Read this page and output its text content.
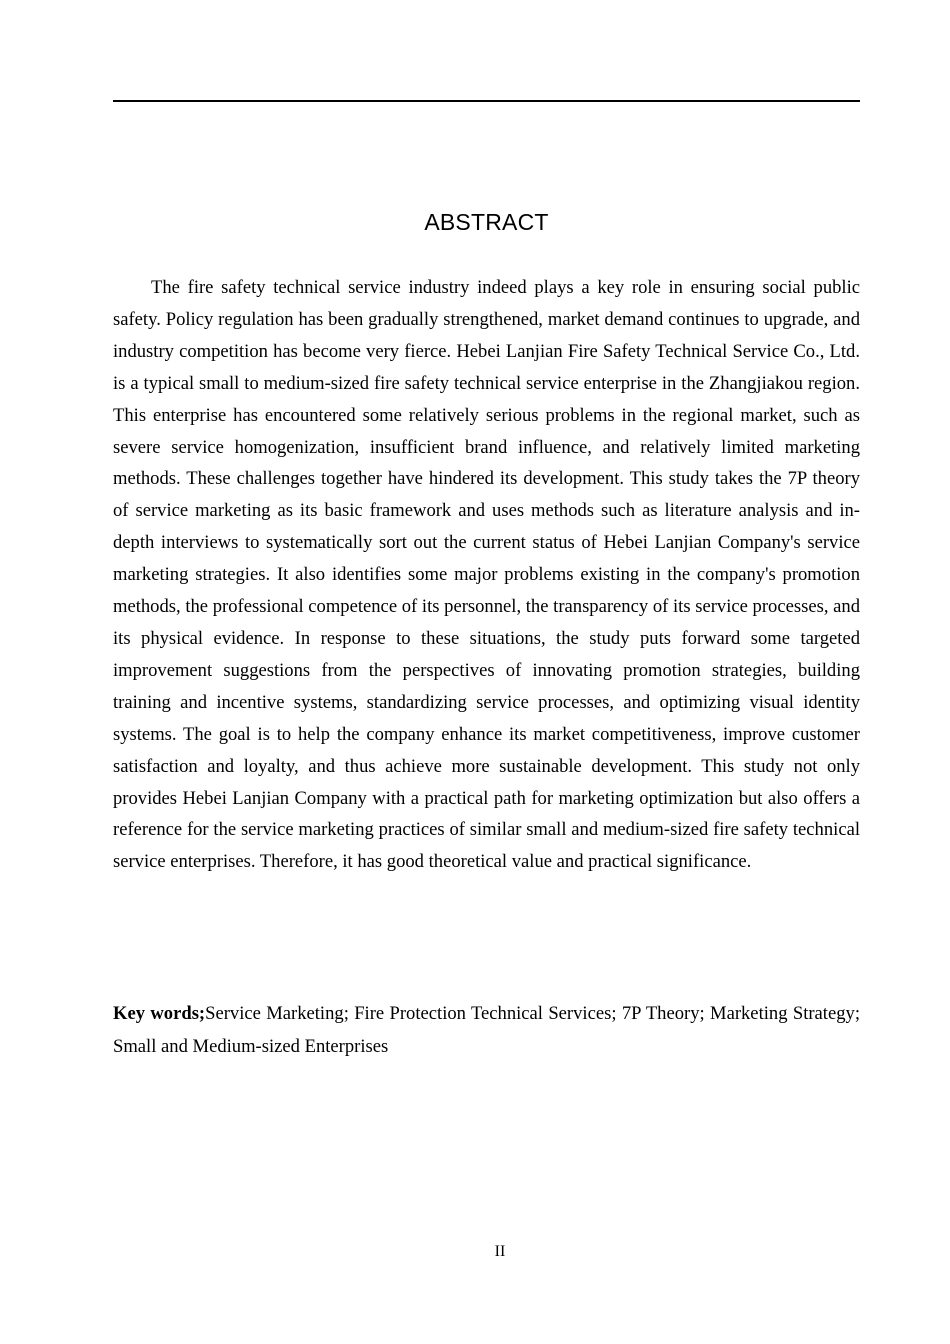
ABSTRACT

The fire safety technical service industry indeed plays a key role in ensuring social public safety. Policy regulation has been gradually strengthened, market demand continues to upgrade, and industry competition has become very fierce. Hebei Lanjian Fire Safety Technical Service Co., Ltd. is a typical small to medium-sized fire safety technical service enterprise in the Zhangjiakou region. This enterprise has encountered some relatively serious problems in the regional market, such as severe service homogenization, insufficient brand influence, and relatively limited marketing methods. These challenges together have hindered its development. This study takes the 7P theory of service marketing as its basic framework and uses methods such as literature analysis and in-depth interviews to systematically sort out the current status of Hebei Lanjian Company's service marketing strategies. It also identifies some major problems existing in the company's promotion methods, the professional competence of its personnel, the transparency of its service processes, and its physical evidence. In response to these situations, the study puts forward some targeted improvement suggestions from the perspectives of innovating promotion strategies, building training and incentive systems, standardizing service processes, and optimizing visual identity systems. The goal is to help the company enhance its market competitiveness, improve customer satisfaction and loyalty, and thus achieve more sustainable development. This study not only provides Hebei Lanjian Company with a practical path for marketing optimization but also offers a reference for the service marketing practices of similar small and medium-sized fire safety technical service enterprises. Therefore, it has good theoretical value and practical significance.

Key words;Service Marketing; Fire Protection Technical Services; 7P Theory; Marketing Strategy; Small and Medium-sized Enterprises

II
